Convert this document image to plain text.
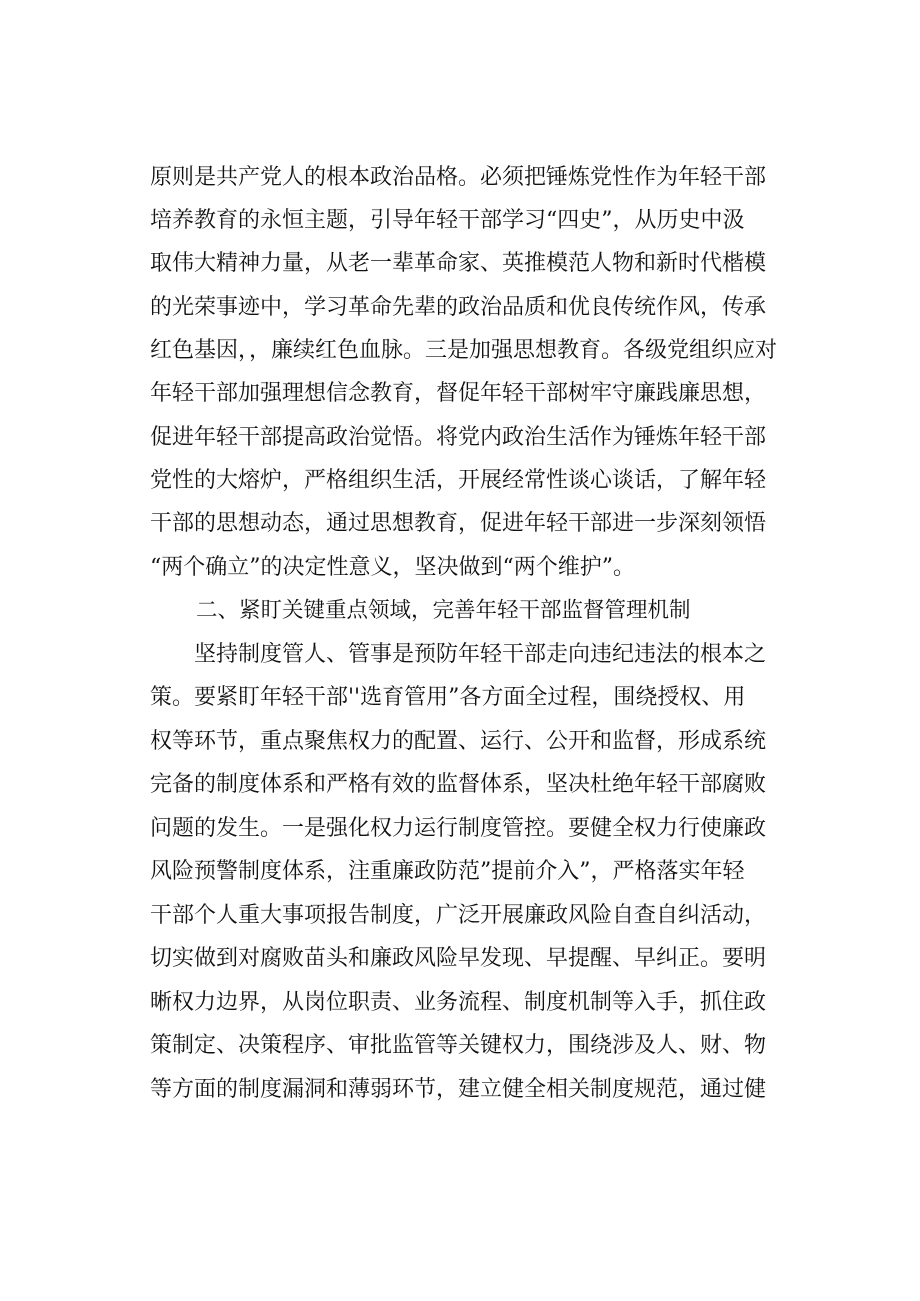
原则是共产党人的根本政治品格。必须把锤炼党性作为年轻干部
培养教育的永恒主题，引导年轻干部学习“四史”，从历史中汲
取伟大精神力量，从老一辈革命家、英推模范人物和新时代楷模
的光荣事迹中，学习革命先辈的政治品质和优良传统作风，传承
红色基因，，廉续红色血脉。三是加强思想教育。各级党组织应对
年轻干部加强理想信念教育，督促年轻干部树牢守廉践廉思想，
促进年轻干部提高政治觉悟。将党内政治生活作为锤炼年轻干部
党性的大熔炉，严格组织生活，开展经常性谈心谈话，了解年轻
干部的思想动态，通过思想教育，促进年轻干部进一步深刻领悟
“两个确立”的决定性意义，坚决做到“两个维护”。
二、紧盯关键重点领域，完善年轻干部监督管理机制
　　坚持制度管人、管事是预防年轻干部走向违纪违法的根本之
策。要紧盯年轻干部''选育管用”各方面全过程，围绕授权、用
权等环节，重点聚焦权力的配置、运行、公开和监督，形成系统
完备的制度体系和严格有效的监督体系，坚决杜绝年轻干部腐败
问题的发生。一是强化权力运行制度管控。要健全权力行使廉政
风险预警制度体系，注重廉政防范”提前介入”，严格落实年轻
干部个人重大事项报告制度，广泛开展廉政风险自查自纠活动，
切实做到对腐败苗头和廉政风险早发现、早提醒、早纠正。要明
晰权力边界，从岗位职责、业务流程、制度机制等入手，抓住政
策制定、决策程序、审批监管等关键权力，围绕涉及人、财、物
等方面的制度漏洞和薄弱环节，建立健全相关制度规范，通过健
